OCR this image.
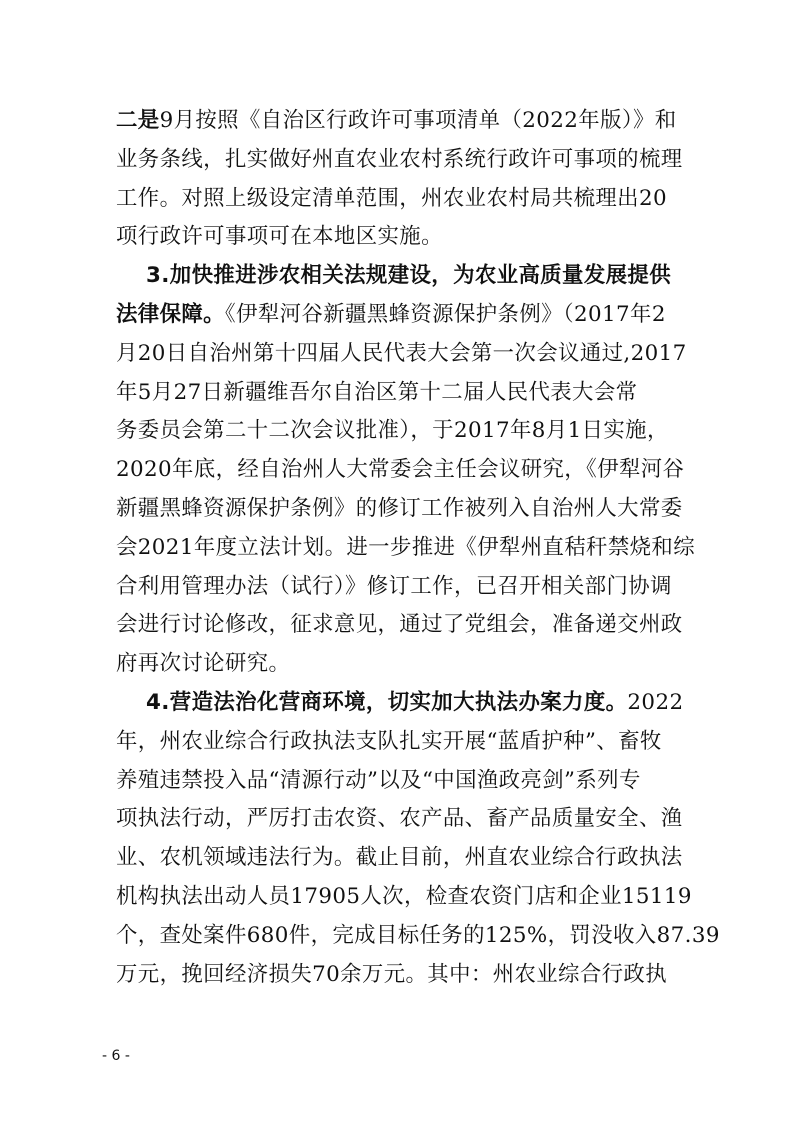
二是9月按照《自治区行政许可事项清单（2022年版）》和
业务条线，扎实做好州直农业农村系统行政许可事项的梳理
工作。对照上级设定清单范围，州农业农村局共梳理出20
项行政许可事项可在本地区实施。
3.加快推进涉农相关法规建设，为农业高质量发展提供
法律保障。《伊犁河谷新疆黑蜂资源保护条例》（2017年2
月20日自治州第十四届人民代表大会第一次会议通过,2017
年5月27日新疆维吾尔自治区第十二届人民代表大会常
务委员会第二十二次会议批准），于2017年8月1日实施，
2020年底，经自治州人大常委会主任会议研究，《伊犁河谷
新疆黑蜂资源保护条例》的修订工作被列入自治州人大常委
会2021年度立法计划。进一步推进《伊犁州直秸秆禁烧和综
合利用管理办法（试行）》修订工作，已召开相关部门协调
会进行讨论修改，征求意见，通过了党组会，准备递交州政
府再次讨论研究。
4.营造法治化营商环境，切实加大执法办案力度。2022
年，州农业综合行政执法支队扎实开展“蓝盾护种”、畜牧
养殖违禁投入品“清源行动”以及“中国渔政亮剑”系列专
项执法行动，严厉打击农资、农产品、畜产品质量安全、渔
业、农机领域违法行为。截止目前，州直农业综合行政执法
机构执法出动人员17905人次，检查农资门店和企业15119
个，查处案件680件，完成目标任务的125%，罚没收入87.39
万元，挽回经济损失70余万元。其中：州农业综合行政执
- 6 -
